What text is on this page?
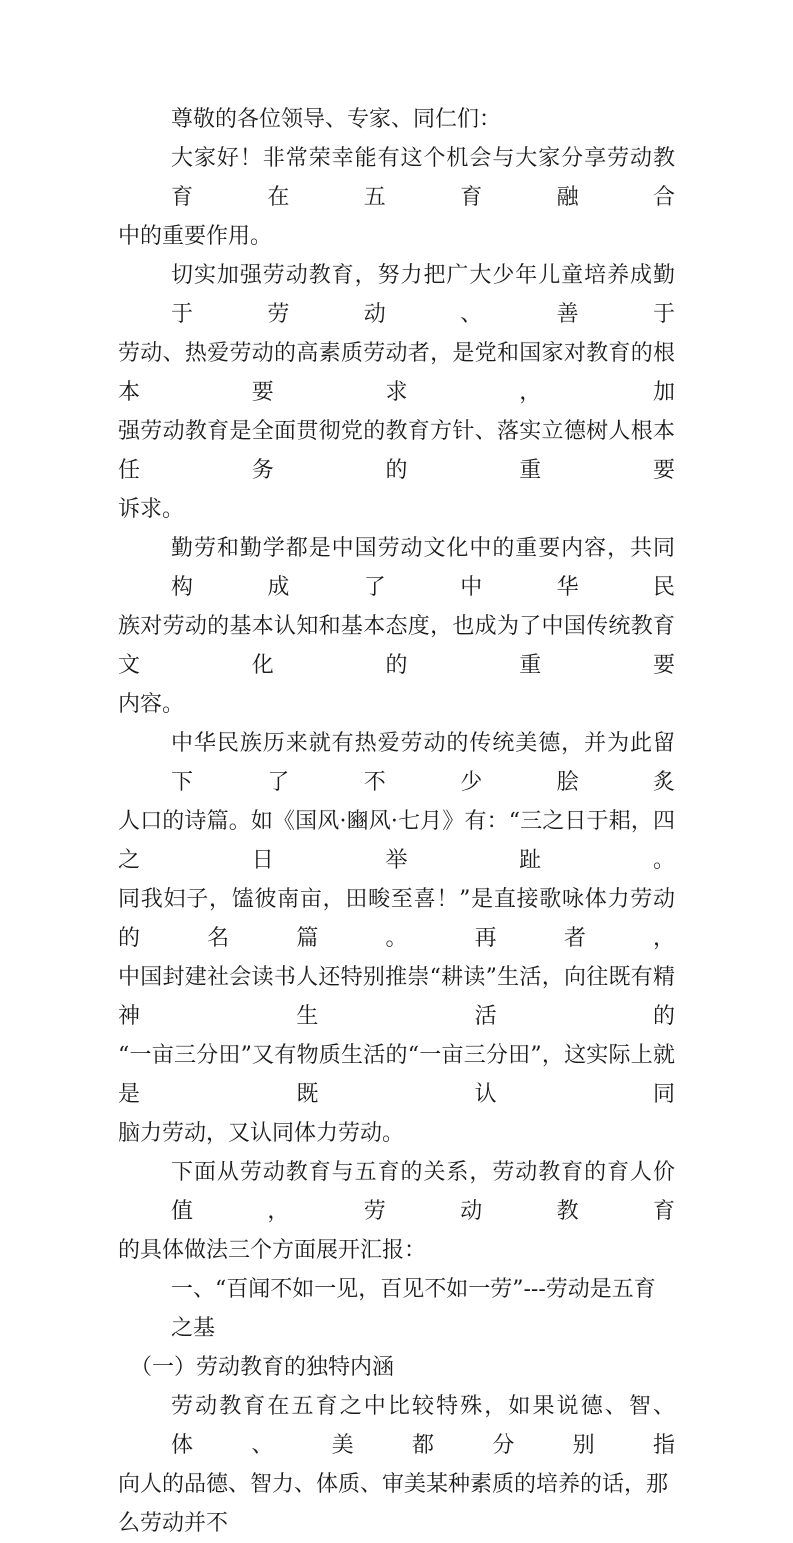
尊敬的各位领导、专家、同仁们：
大家好！非常荣幸能有这个机会与大家分享劳动教育在五育融合
中的重要作用。
切实加强劳动教育，努力把广大少年儿童培养成勤于劳动、善于
劳动、热爱劳动的高素质劳动者，是党和国家对教育的根本要求，加
强劳动教育是全面贯彻党的教育方针、落实立德树人根本任务的重要
诉求。
勤劳和勤学都是中国劳动文化中的重要内容，共同构成了中华民
族对劳动的基本认知和基本态度，也成为了中国传统教育文化的重要
内容。
中华民族历来就有热爱劳动的传统美德，并为此留下了不少脍炙
人口的诗篇。如《国风·豳风·七月》有：“三之日于耜，四之日举趾。
同我妇子，馌彼南亩，田畯至喜！”是直接歌咏体力劳动的名篇。再者，
中国封建社会读书人还特别推崇“耕读”生活，向往既有精神生活的
“一亩三分田”又有物质生活的“一亩三分田”，这实际上就是既认同
脑力劳动，又认同体力劳动。
下面从劳动教育与五育的关系，劳动教育的育人价值，劳动教育
的具体做法三个方面展开汇报：
一、“百闻不如一见，百见不如一劳”---劳动是五育之基
（一）劳动教育的独特内涵
劳动教育在五育之中比较特殊，如果说德、智、体、美都分别指
向人的品德、智力、体质、审美某种素质的培养的话，那么劳动并不
